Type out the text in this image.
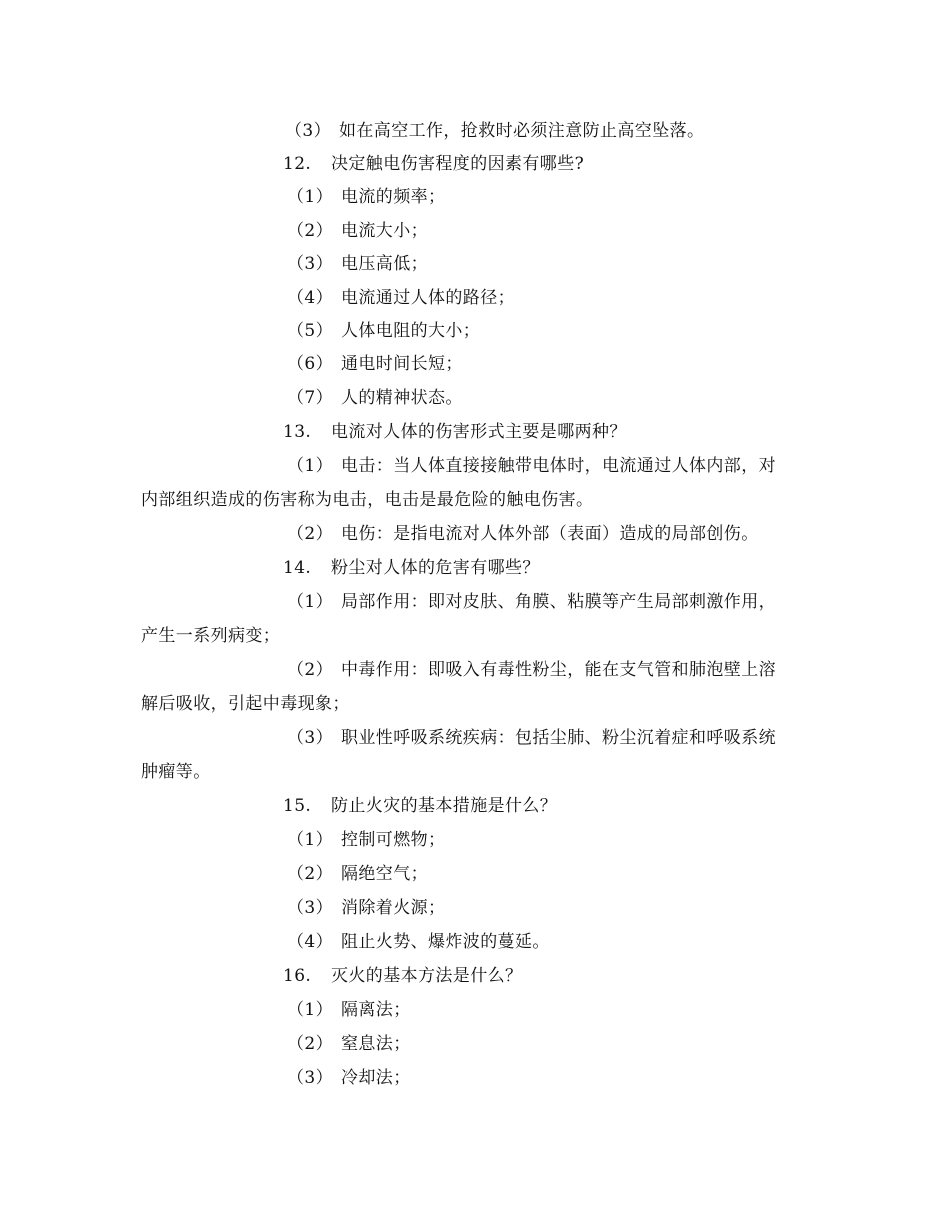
（3） 如在高空工作，抢救时必须注意防止高空坠落。
12. 决定触电伤害程度的因素有哪些?
（1） 电流的频率；
（2） 电流大小；
（3） 电压高低；
（4） 电流通过人体的路径；
（5） 人体电阻的大小；
（6） 通电时间长短；
（7） 人的精神状态。
13. 电流对人体的伤害形式主要是哪两种？
（1） 电击：当人体直接接触带电体时，电流通过人体内部，对
内部组织造成的伤害称为电击，电击是最危险的触电伤害。
（2） 电伤：是指电流对人体外部（表面）造成的局部创伤。
14. 粉尘对人体的危害有哪些？
（1） 局部作用：即对皮肤、角膜、粘膜等产生局部刺激作用，
产生一系列病变；
（2） 中毒作用：即吸入有毒性粉尘，能在支气管和肺泡壁上溶
解后吸收，引起中毒现象；
（3） 职业性呼吸系统疾病：包括尘肺、粉尘沉着症和呼吸系统
肿瘤等。
15. 防止火灾的基本措施是什么？
（1） 控制可燃物；
（2） 隔绝空气；
（3） 消除着火源；
（4） 阻止火势、爆炸波的蔓延。
16. 灭火的基本方法是什么？
（1） 隔离法；
（2） 窒息法；
（3） 冷却法；
